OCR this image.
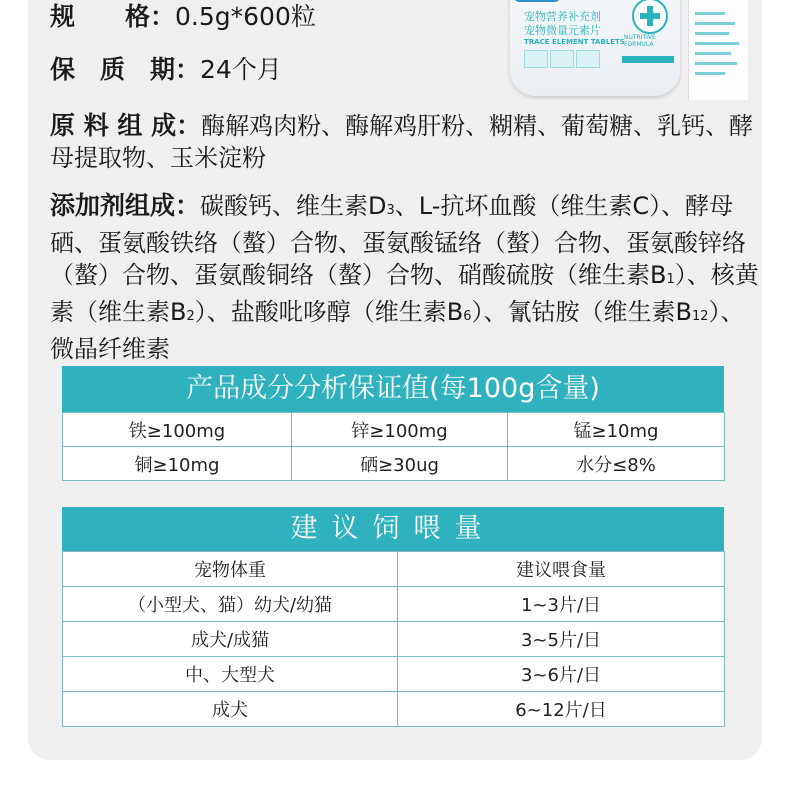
规　　格：0.5g*600粒
保　质　期：24个月
宠物营养补充剂
宠物微量元素片
TRACE ELEMENT TABLETS
NUTRITIVE FORMULA
原 料 组 成：酶解鸡肉粉、酶解鸡肝粉、糊精、葡萄糖、乳钙、酵母提取物、玉米淀粉
添加剂组成：碳酸钙、维生素D3、L-抗坏血酸（维生素C）、酵母硒、蛋氨酸铁络（螯）合物、蛋氨酸锰络（螯）合物、蛋氨酸锌络（螯）合物、蛋氨酸铜络（螯）合物、硝酸硫胺（维生素B1）、核黄素（维生素B2）、盐酸吡哆醇（维生素B6）、氰钴胺（维生素B12）、微晶纤维素
产品成分分析保证值(每100g含量)
铁≥100mg	锌≥100mg	锰≥10mg
铜≥10mg	硒≥30ug	水分≤8%
建议饲喂量
宠物体重	建议喂食量
（小型犬、猫）幼犬/幼猫	1~3片/日
成犬/成猫	3~5片/日
中、大型犬	3~6片/日
成犬	6~12片/日
